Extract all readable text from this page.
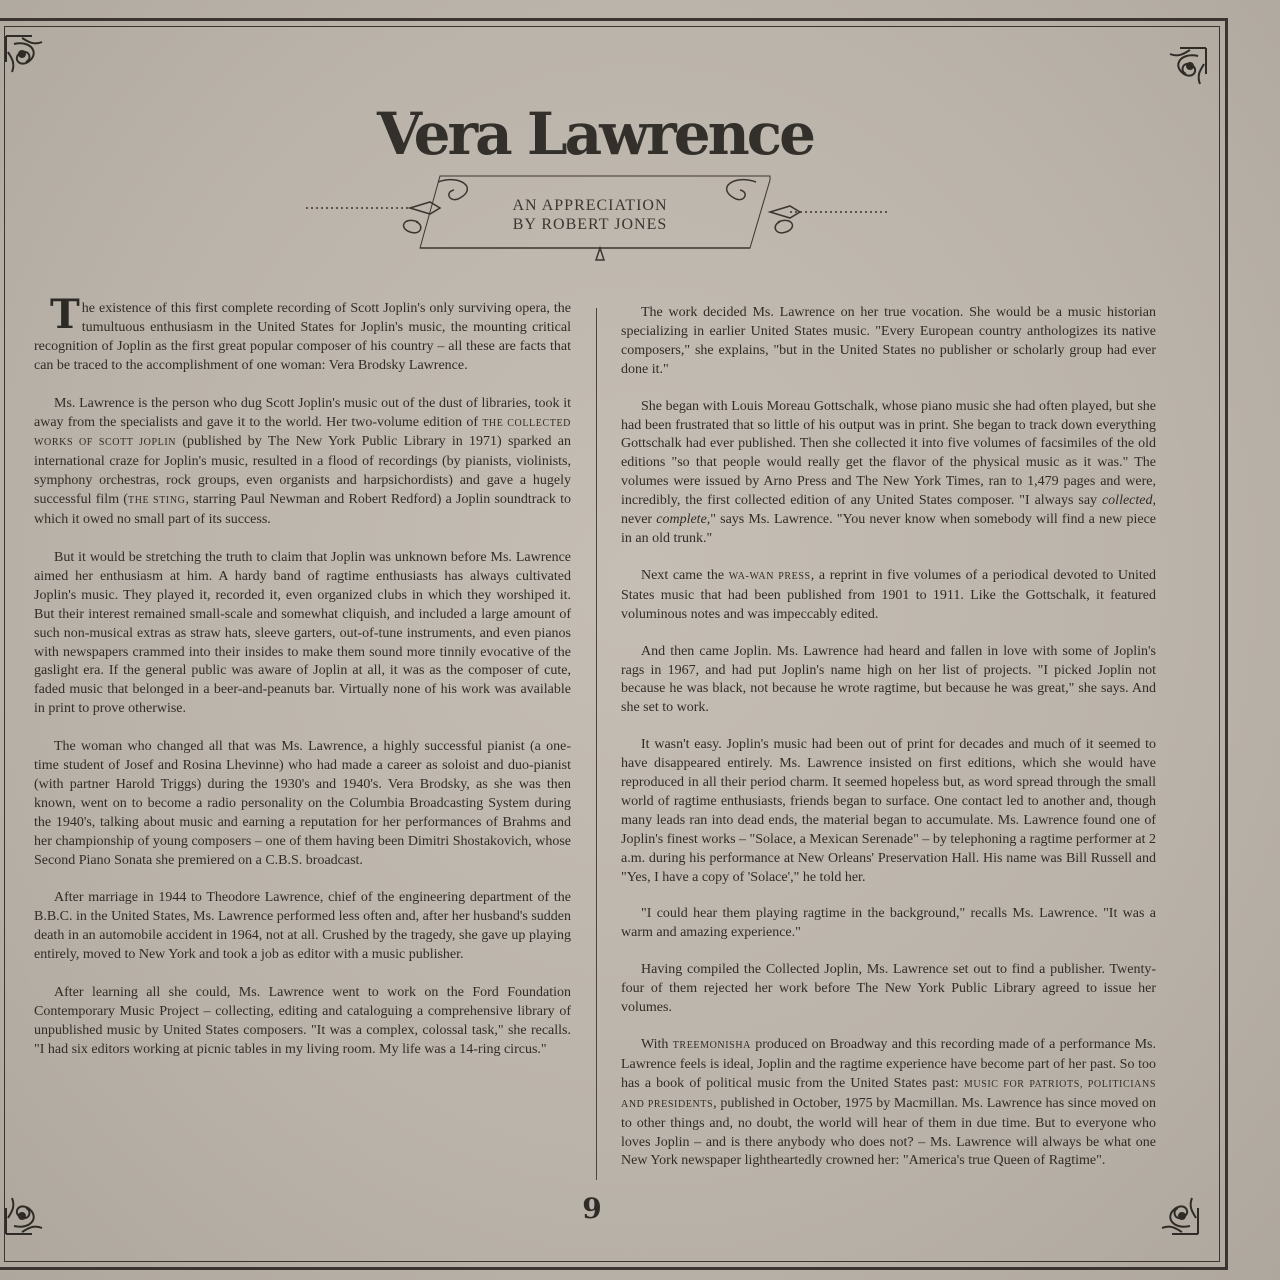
Vera Lawrence
AN APPRECIATION
BY ROBERT JONES

The existence of this first complete recording of Scott Joplin's only surviving opera, the tumultuous enthusiasm in the United States for Joplin's music, the mounting critical recognition of Joplin as the first great popular composer of his country – all these are facts that can be traced to the accomplishment of one woman: Vera Brodsky Lawrence.

Ms. Lawrence is the person who dug Scott Joplin's music out of the dust of libraries, took it away from the specialists and gave it to the world. Her two-volume edition of THE COLLECTED WORKS OF SCOTT JOPLIN (published by The New York Public Library in 1971) sparked an international craze for Joplin's music, resulted in a flood of recordings (by pianists, violinists, symphony orchestras, rock groups, even organists and harpsichordists) and gave a hugely successful film (THE STING, starring Paul Newman and Robert Redford) a Joplin soundtrack to which it owed no small part of its success.

But it would be stretching the truth to claim that Joplin was unknown before Ms. Lawrence aimed her enthusiasm at him. A hardy band of ragtime enthusiasts has always cultivated Joplin's music. They played it, recorded it, even organized clubs in which they worshiped it. But their interest remained small-scale and somewhat cliquish, and included a large amount of such non-musical extras as straw hats, sleeve garters, out-of-tune instruments, and even pianos with newspapers crammed into their insides to make them sound more tinnily evocative of the gaslight era. If the general public was aware of Joplin at all, it was as the composer of cute, faded music that belonged in a beer-and-peanuts bar. Virtually none of his work was available in print to prove otherwise.

The woman who changed all that was Ms. Lawrence, a highly successful pianist (a one-time student of Josef and Rosina Lhevinne) who had made a career as soloist and duo-pianist (with partner Harold Triggs) during the 1930's and 1940's. Vera Brodsky, as she was then known, went on to become a radio personality on the Columbia Broadcasting System during the 1940's, talking about music and earning a reputation for her performances of Brahms and her championship of young composers – one of them having been Dimitri Shostakovich, whose Second Piano Sonata she premiered on a C.B.S. broadcast.

After marriage in 1944 to Theodore Lawrence, chief of the engineering department of the B.B.C. in the United States, Ms. Lawrence performed less often and, after her husband's sudden death in an automobile accident in 1964, not at all. Crushed by the tragedy, she gave up playing entirely, moved to New York and took a job as editor with a music publisher.

After learning all she could, Ms. Lawrence went to work on the Ford Foundation Contemporary Music Project – collecting, editing and cataloguing a comprehensive library of unpublished music by United States composers. "It was a complex, colossal task," she recalls. "I had six editors working at picnic tables in my living room. My life was a 14-ring circus."

The work decided Ms. Lawrence on her true vocation. She would be a music historian specializing in earlier United States music. "Every European country anthologizes its native composers," she explains, "but in the United States no publisher or scholarly group had ever done it."

She began with Louis Moreau Gottschalk, whose piano music she had often played, but she had been frustrated that so little of his output was in print. She began to track down everything Gottschalk had ever published. Then she collected it into five volumes of facsimiles of the old editions "so that people would really get the flavor of the physical music as it was." The volumes were issued by Arno Press and The New York Times, ran to 1,479 pages and were, incredibly, the first collected edition of any United States composer. "I always say collected, never complete," says Ms. Lawrence. "You never know when somebody will find a new piece in an old trunk."

Next came the WA-WAN PRESS, a reprint in five volumes of a periodical devoted to United States music that had been published from 1901 to 1911. Like the Gottschalk, it featured voluminous notes and was impeccably edited.

And then came Joplin. Ms. Lawrence had heard and fallen in love with some of Joplin's rags in 1967, and had put Joplin's name high on her list of projects. "I picked Joplin not because he was black, not because he wrote ragtime, but because he was great," she says. And she set to work.

It wasn't easy. Joplin's music had been out of print for decades and much of it seemed to have disappeared entirely. Ms. Lawrence insisted on first editions, which she would have reproduced in all their period charm. It seemed hopeless but, as word spread through the small world of ragtime enthusiasts, friends began to surface. One contact led to another and, though many leads ran into dead ends, the material began to accumulate. Ms. Lawrence found one of Joplin's finest works – "Solace, a Mexican Serenade" – by telephoning a ragtime performer at 2 a.m. during his performance at New Orleans' Preservation Hall. His name was Bill Russell and "Yes, I have a copy of 'Solace'," he told her.

"I could hear them playing ragtime in the background," recalls Ms. Lawrence. "It was a warm and amazing experience."

Having compiled the Collected Joplin, Ms. Lawrence set out to find a publisher. Twenty-four of them rejected her work before The New York Public Library agreed to issue her volumes.

With TREEMONISHA produced on Broadway and this recording made of a performance Ms. Lawrence feels is ideal, Joplin and the ragtime experience have become part of her past. So too has a book of political music from the United States past: MUSIC FOR PATRIOTS, POLITICIANS AND PRESIDENTS, published in October, 1975 by Macmillan. Ms. Lawrence has since moved on to other things and, no doubt, the world will hear of them in due time. But to everyone who loves Joplin – and is there anybody who does not? – Ms. Lawrence will always be what one New York newspaper lightheartedly crowned her: "America's true Queen of Ragtime".

9
